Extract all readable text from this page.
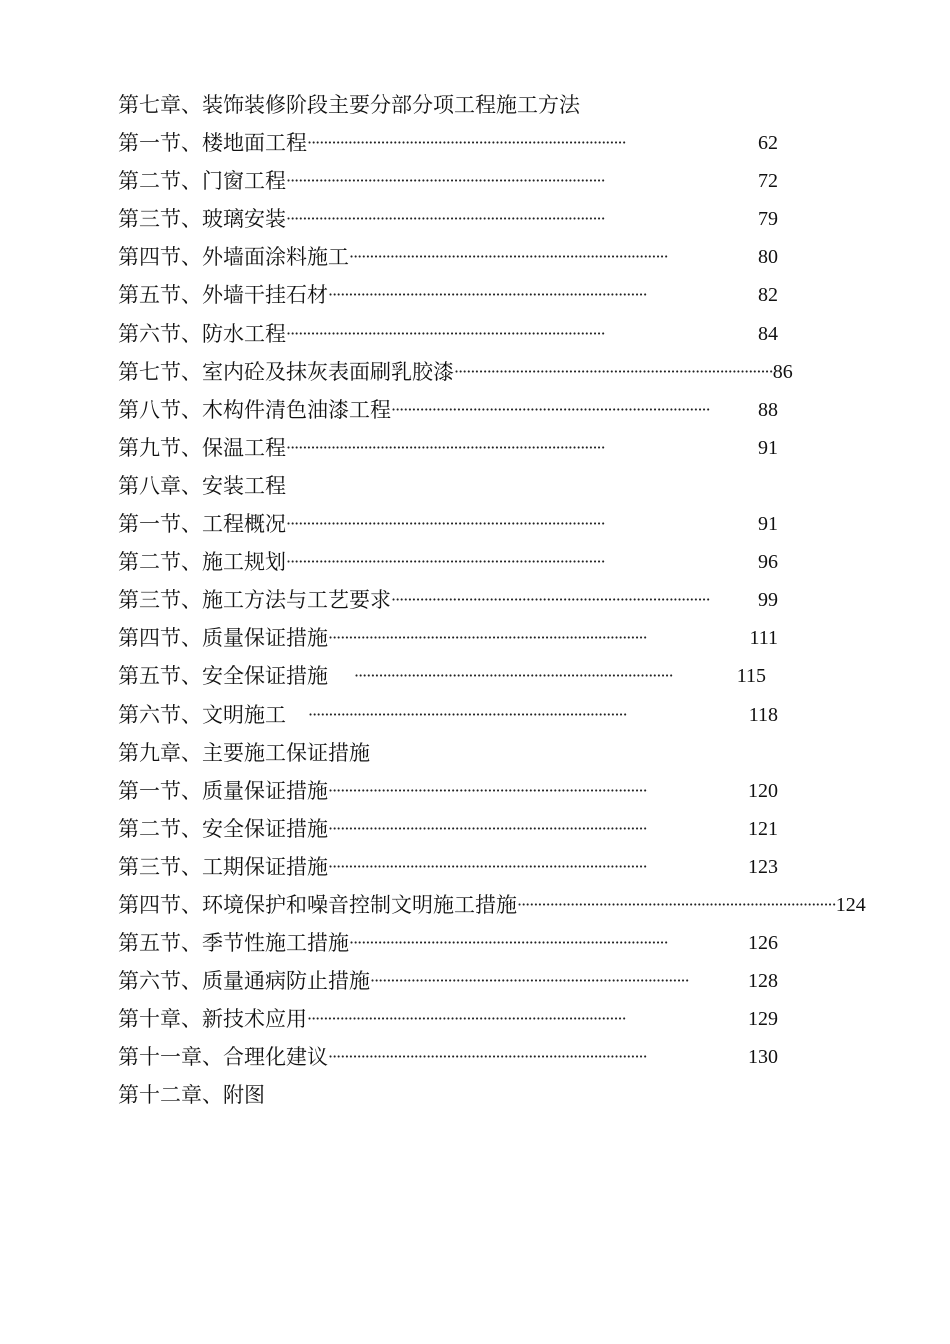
第七章、装饰装修阶段主要分部分项工程施工方法
第一节、楼地面工程 ··············································································	62
第二节、门窗工程 ··············································································	72
第三节、玻璃安装 ··············································································	79
第四节、外墙面涂料施工 ··············································································	80
第五节、外墙干挂石材 ··············································································	82
第六节、防水工程 ··············································································	84
第七节、室内砼及抹灰表面刷乳胶漆 ·············································································· 86
第八节、木构件清色油漆工程 ··············································································	88
第九节、保温工程 ··············································································	91
第八章、安装工程
第一节、工程概况 ··············································································	91
第二节、施工规划 ··············································································	96
第三节、施工方法与工艺要求 ··············································································	99
第四节、质量保证措施 ··············································································	111
第五节、安全保证措施 ··············································································	115
第六节、文明施工 ··············································································	118
第九章、主要施工保证措施
第一节、质量保证措施 ··············································································	120
第二节、安全保证措施 ··············································································	121
第三节、工期保证措施 ··············································································	123
第四节、环境保护和噪音控制文明施工措施 ·············································································· 124
第五节、季节性施工措施 ··············································································	126
第六节、质量通病防止措施 ··············································································	128
第十章、新技术应用 ··············································································	129
第十一章、合理化建议 ··············································································	130
第十二章、附图
